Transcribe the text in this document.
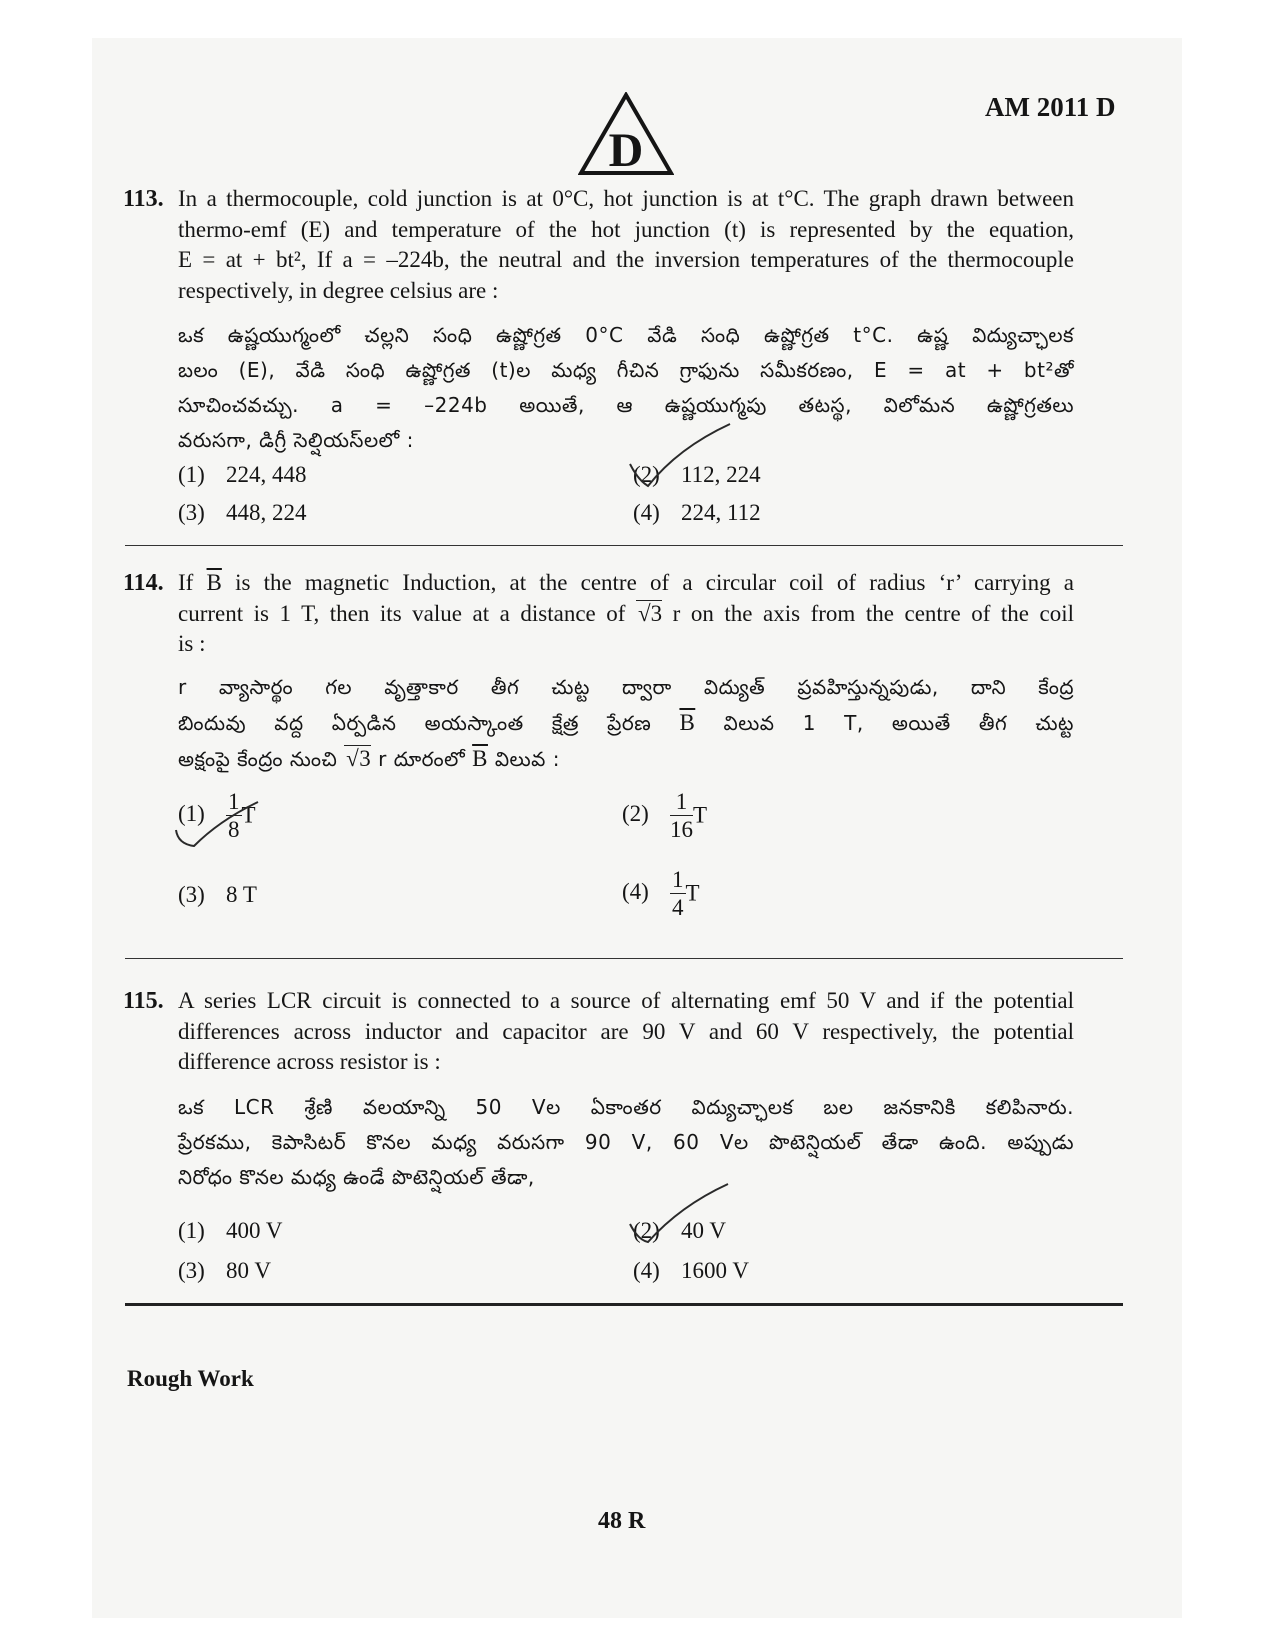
AM 2011 D
D
113. In a thermocouple, cold junction is at 0°C, hot junction is at t°C. The graph drawn between
thermo-emf (E) and temperature of the hot junction (t) is represented by the equation,
E = at + bt², If a = –224b, the neutral and the inversion temperatures of the thermocouple
respectively, in degree celsius are :
ఒక ఉష్ణయుగ్మంలో చల్లని సంధి ఉష్ణోగ్రత 0°C వేడి సంధి ఉష్ణోగ్రత t°C. ఉష్ణ విద్యుచ్ఛాలక
బలం (E), వేడి సంధి ఉష్ణోగ్రత (t)ల మధ్య గీచిన గ్రాఫును సమీకరణం, E = at + bt²తో
సూచించవచ్చు. a = –224b అయితే, ఆ ఉష్ణయుగ్మపు తటస్థ, విలోమన ఉష్ణోగ్రతలు
వరుసగా, డిగ్రీ సెల్షియస్‌లలో :
(1) 224, 448	(2) 112, 224
(3) 448, 224	(4) 224, 112
114. If $\overline{B}$ is the magnetic Induction, at the centre of a circular coil of radius ‘r’ carrying a
current is 1 T, then its value at a distance of √3 r on the axis from the centre of the coil
is :
r వ్యాసార్థం గల వృత్తాకార తీగ చుట్ట ద్వారా విద్యుత్ ప్రవహిస్తున్నపుడు, దాని కేంద్ర
బిందువు వద్ద ఏర్పడిన అయస్కాంత క్షేత్ర ప్రేరణ $\overline{B}$ విలువ 1 T, అయితే తీగ చుట్ట
అక్షంపై కేంద్రం నుంచి √3 r దూరంలో $\overline{B}$ విలువ :
$(1) \frac{1}{8}$ T	$(2) \frac{1}{16}$ T
(3) 8 T	$(4) \frac{1}{4}$ T
115. A series LCR circuit is connected to a source of alternating emf 50 V and if the potential
differences across inductor and capacitor are 90 V and 60 V respectively, the potential
difference across resistor is :
ఒక LCR శ్రేణి వలయాన్ని 50 Vల ఏకాంతర విద్యుచ్ఛాలక బల జనకానికి కలిపినారు.
ప్రేరకము, కెపాసిటర్ కొనల మధ్య వరుసగా 90 V, 60 Vల పొటెన్షియల్ తేడా ఉంది. అప్పుడు
నిరోధం కొనల మధ్య ఉండే పొటెన్షియల్ తేడా,
(1) 400 V	(2) 40 V
(3) 80 V	(4) 1600 V
Rough Work
48 R
